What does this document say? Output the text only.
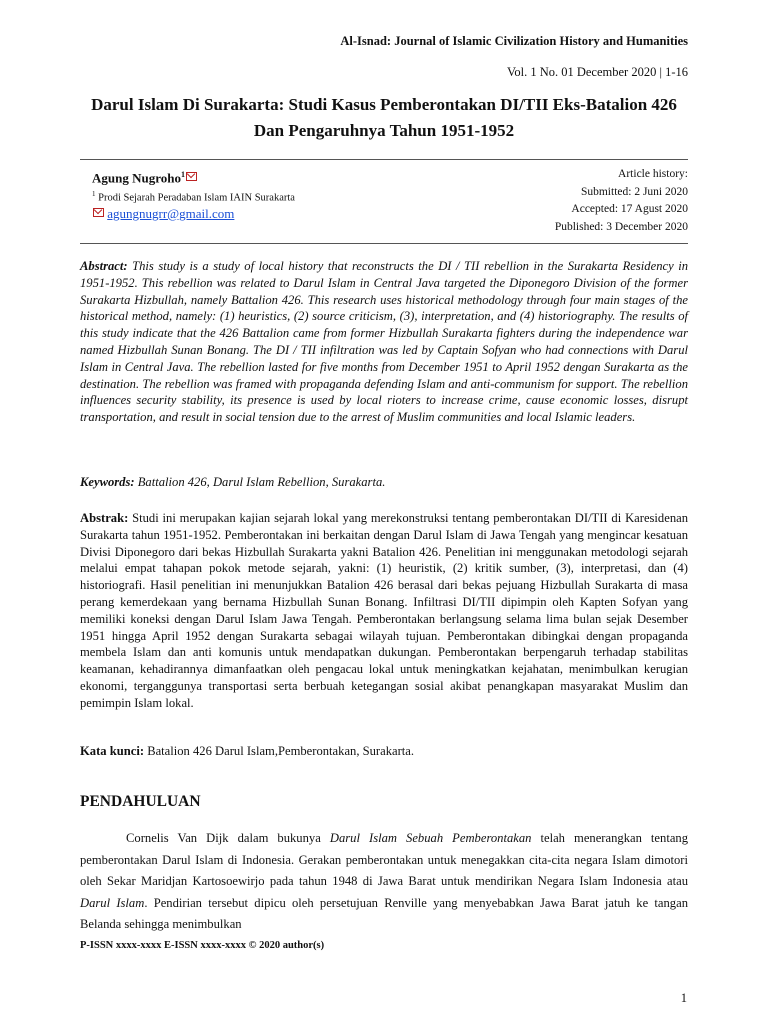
Al-Isnad: Journal of Islamic Civilization History and Humanities
Vol. 1 No. 01 December 2020 | 1-16
Darul Islam Di Surakarta: Studi Kasus Pemberontakan DI/TII Eks-Batalion 426 Dan Pengaruhnya Tahun 1951-1952
Agung Nugroho$^1$
$^1$ Prodi Sejarah Peradaban Islam IAIN Surakarta
agungnugrr@gmail.com
Article history:
Submitted: 2 Juni 2020
Accepted: 17 Agust 2020
Published: 3 December 2020
Abstract: This study is a study of local history that reconstructs the DI / TII rebellion in the Surakarta Residency in 1951-1952. This rebellion was related to Darul Islam in Central Java targeted the Diponegoro Division of the former Surakarta Hizbullah, namely Battalion 426. This research uses historical methodology through four main stages of the historical method, namely: (1) heuristics, (2) source criticism, (3), interpretation, and (4) historiography. The results of this study indicate that the 426 Battalion came from former Hizbullah Surakarta fighters during the independence war named Hizbullah Sunan Bonang. The DI / TII infiltration was led by Captain Sofyan who had connections with Darul Islam in Central Java. The rebellion lasted for five months from December 1951 to April 1952 dengan Surakarta as the destination. The rebellion was framed with propaganda defending Islam and anti-communism for support. The rebellion influences security stability, its presence is used by local rioters to increase crime, cause economic losses, disrupt transportation, and result in social tension due to the arrest of Muslim communities and local Islamic leaders.
Keywords: Battalion 426, Darul Islam Rebellion, Surakarta.
Abstrak: Studi ini merupakan kajian sejarah lokal yang merekonstruksi tentang pemberontakan DI/TII di Karesidenan Surakarta tahun 1951-1952. Pemberontakan ini berkaitan dengan Darul Islam di Jawa Tengah yang mengincar kesatuan Divisi Diponegoro dari bekas Hizbullah Surakarta yakni Batalion 426. Penelitian ini menggunakan metodologi sejarah melalui empat tahapan pokok metode sejarah, yakni: (1) heuristik, (2) kritik sumber, (3), interpretasi, dan (4) historiografi. Hasil penelitian ini menunjukkan Batalion 426 berasal dari bekas pejuang Hizbullah Surakarta di masa perang kemerdekaan yang bernama Hizbullah Sunan Bonang. Infiltrasi DI/TII dipimpin oleh Kapten Sofyan yang memiliki koneksi dengan Darul Islam Jawa Tengah. Pemberontakan berlangsung selama lima bulan sejak Desember 1951 hingga April 1952 dengan Surakarta sebagai wilayah tujuan. Pemberontakan dibingkai dengan propaganda membela Islam dan anti komunis untuk mendapatkan dukungan. Pemberontakan berpengaruh terhadap stabilitas keamanan, kehadirannya dimanfaatkan oleh pengacau lokal untuk meningkatkan kejahatan, menimbulkan kerugian ekonomi, terganggunya transportasi serta berbuah ketegangan sosial akibat penangkapan masyarakat Muslim dan pemimpin Islam lokal.
Kata kunci: Batalion 426 Darul Islam,Pemberontakan, Surakarta.
PENDAHULUAN
Cornelis Van Dijk dalam bukunya Darul Islam Sebuah Pemberontakan telah menerangkan tentang pemberontakan Darul Islam di Indonesia. Gerakan pemberontakan untuk menegakkan cita-cita negara Islam dimotori oleh Sekar Maridjan Kartosoewirjo pada tahun 1948 di Jawa Barat untuk mendirikan Negara Islam Indonesia atau Darul Islam. Pendirian tersebut dipicu oleh persetujuan Renville yang menyebabkan Jawa Barat jatuh ke tangan Belanda sehingga menimbulkan
P-ISSN xxxx-xxxx E-ISSN xxxx-xxxx © 2020 author(s)
1
